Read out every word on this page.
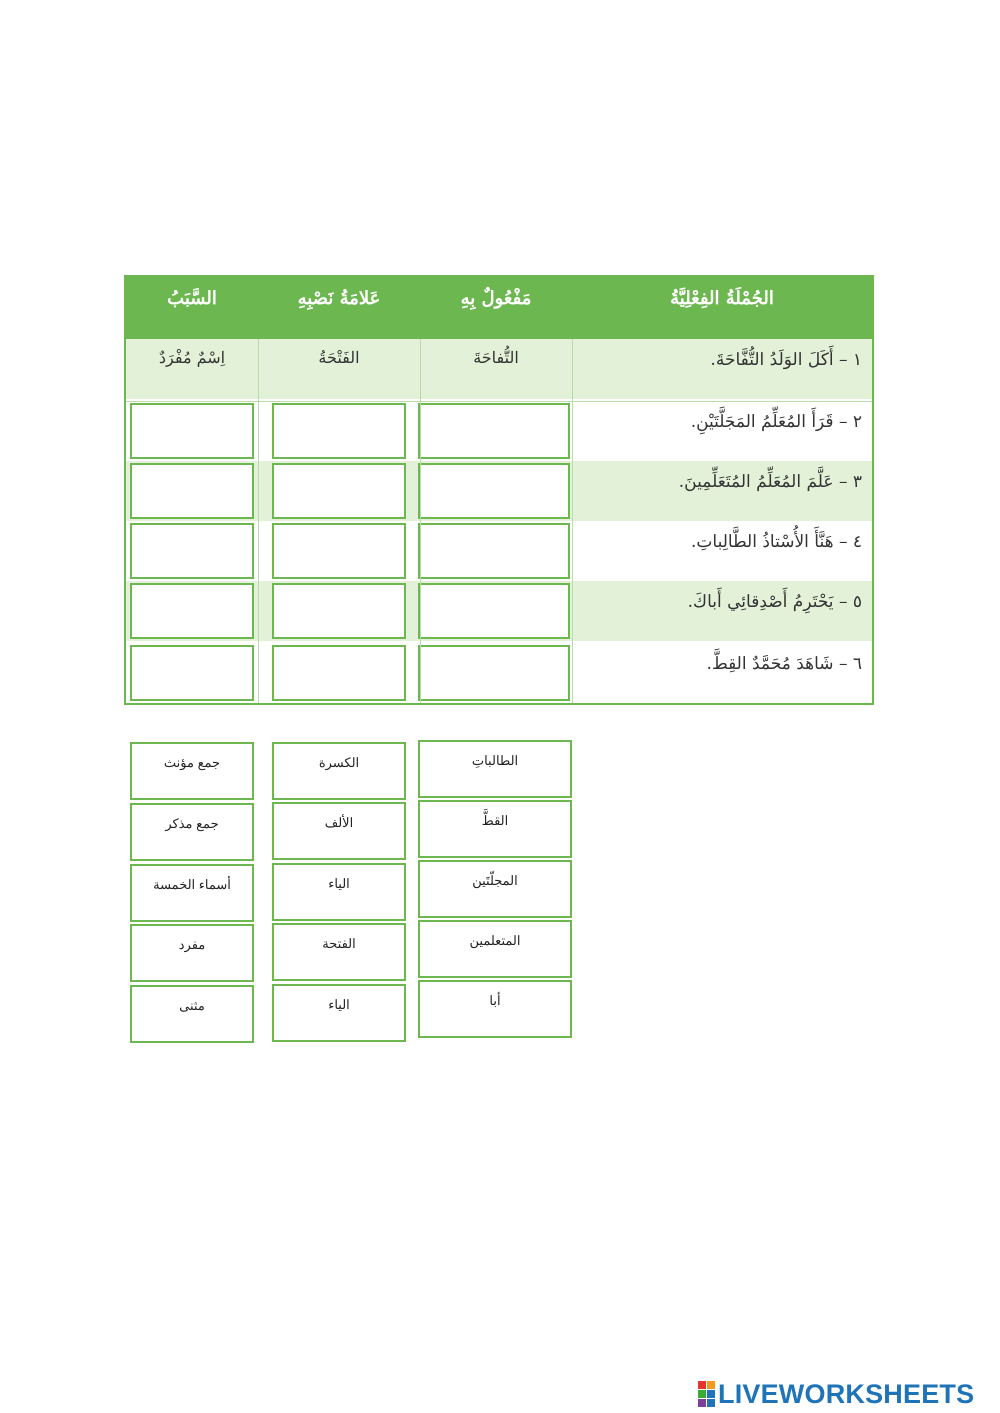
الجُمْلَةُ الفِعْلِيَّةُ
مَفْعُولٌ بِهِ
عَلامَةُ نَصْبِهِ
السَّبَبُ
١ – أَكَلَ الوَلَدُ التُّفَّاحَةَ.
التُّفاحَةَ
الفَتْحَةُ
اِسْمٌ مُفْرَدٌ
٢ – قَرَأَ المُعَلِّمُ المَجَلَّتَيْنِ.
٣ – عَلَّمَ المُعَلِّمُ المُتَعَلِّمِينَ.
٤ – هَنَّأَ الأُسْتاذُ الطَّالِباتِ.
٥ – يَحْتَرِمُ أَصْدِقائِي أَباكَ.
٦ – شَاهَدَ مُحَمَّدٌ القِطَّ.
جمع مؤنث
جمع مذكر
أسماء الخمسة
مفرد
مثنى
الكسرة
الألف
الياء
الفتحة
الياء
الطالباتِ
القطَّ
المجلّتَين
المتعلمين
أبا
LIVEWORKSHEETS
